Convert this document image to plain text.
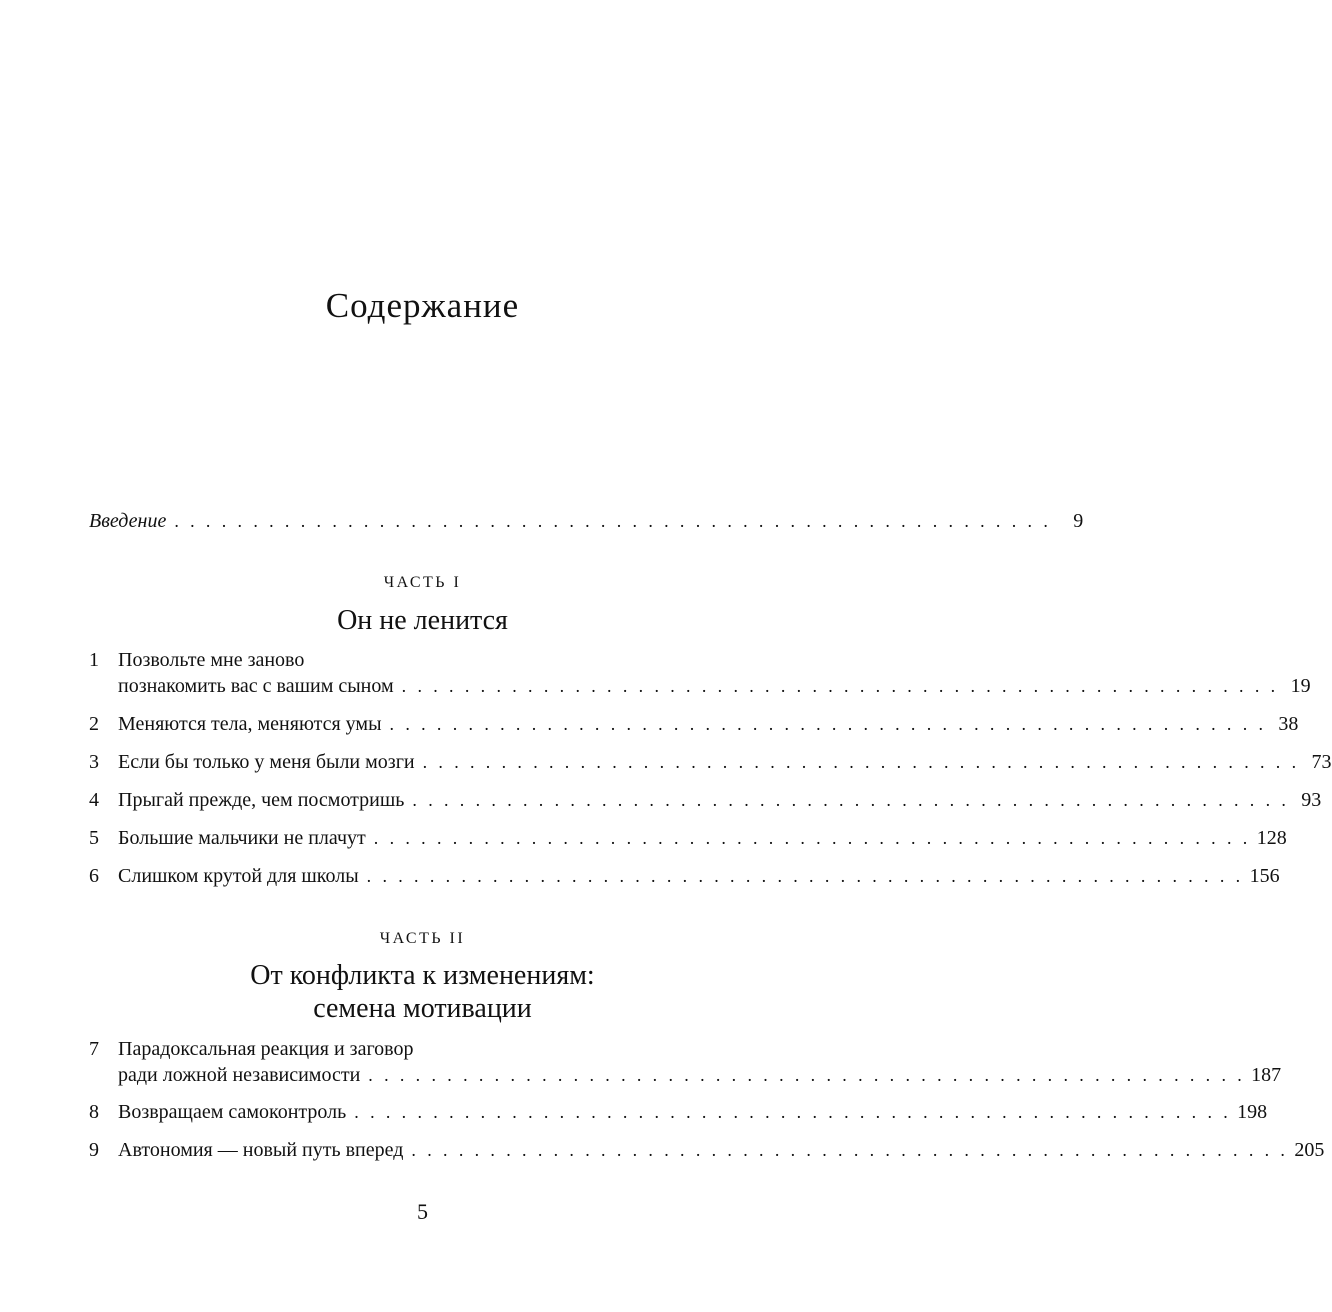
Содержание
Введение . . . . . . . . . . . . . . . . . . . . . . . . . . . . . . . . . . . . . . . . . . . . . . . . . . . . . . . .	9
ЧАСТЬ I
Он не ленится
1 Позвольте мне заново
познакомить вас с вашим сыном . . . . . . . . . . . . . . . . . . . . . . . . . . . . . . . . . . . . . . . . . . . . . . . . . . . . . . . . 19
2 Меняются тела, меняются умы . . . . . . . . . . . . . . . . . . . . . . . . . . . . . . . . . . . . . . . . . . . . . . . . . . . . . . . . 38
3 Если бы только у меня были мозги . . . . . . . . . . . . . . . . . . . . . . . . . . . . . . . . . . . . . . . . . . . . . . . . . . . . . . . . 73
4 Прыгай прежде, чем посмотришь . . . . . . . . . . . . . . . . . . . . . . . . . . . . . . . . . . . . . . . . . . . . . . . . . . . . . . . . 93
5 Большие мальчики не плачут . . . . . . . . . . . . . . . . . . . . . . . . . . . . . . . . . . . . . . . . . . . . . . . . . . . . . . . . 128
6 Слишком крутой для школы . . . . . . . . . . . . . . . . . . . . . . . . . . . . . . . . . . . . . . . . . . . . . . . . . . . . . . . . 156
ЧАСТЬ II
От конфликта к изменениям:
семена мотивации
7 Парадоксальная реакция и заговор
ради ложной независимости . . . . . . . . . . . . . . . . . . . . . . . . . . . . . . . . . . . . . . . . . . . . . . . . . . . . . . . . 187
8 Возвращаем самоконтроль . . . . . . . . . . . . . . . . . . . . . . . . . . . . . . . . . . . . . . . . . . . . . . . . . . . . . . . . 198
9 Автономия — новый путь вперед . . . . . . . . . . . . . . . . . . . . . . . . . . . . . . . . . . . . . . . . . . . . . . . . . . . . . . . . 205
5
